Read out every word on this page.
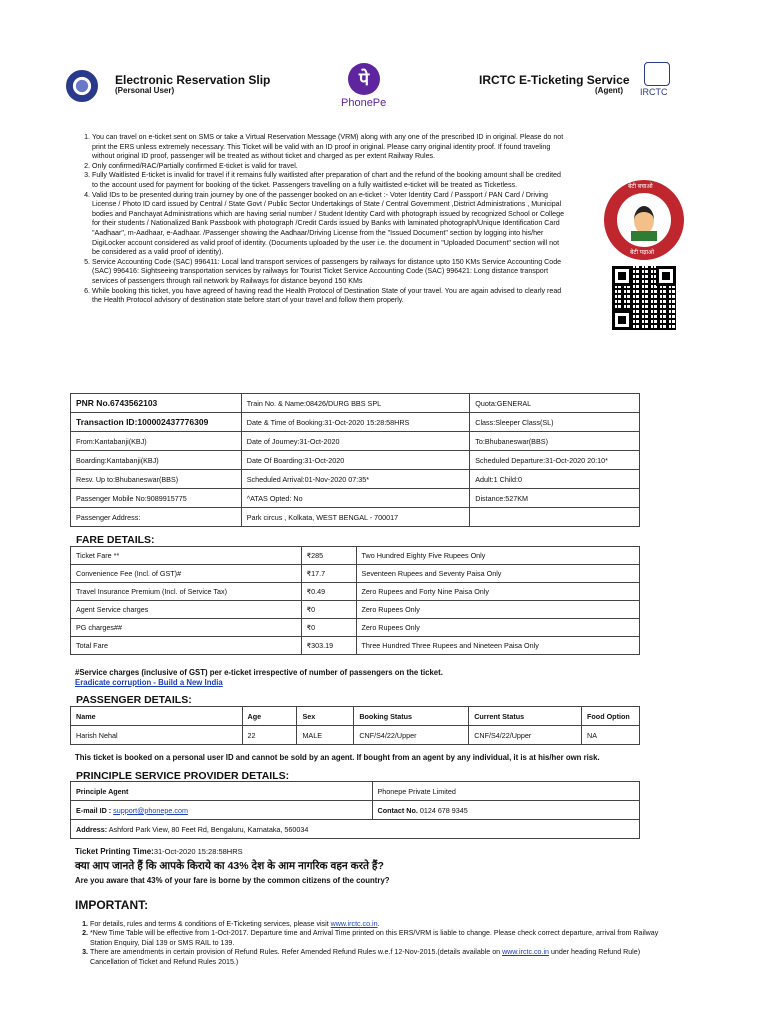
Electronic Reservation Slip
(Personal User)
पे
PhonePe
IRCTC E-Ticketing Service
(Agent) IRCTC
1. You can travel on e-ticket sent on SMS or take a Virtual Reservation Message (VRM) along with any one of the prescribed ID in original. Please do not print the ERS unless extremely necessary. This Ticket will be valid with an ID proof in original. Please carry original identity proof. If found traveling without original ID proof, passenger will be treated as without ticket and charged as per extent Railway Rules.
2. Only confirmed/RAC/Partially confirmed E-ticket is valid for travel.
3. Fully Waitlisted E-ticket is invalid for travel if it remains fully waitlisted after preparation of chart and the refund of the booking amount shall be credited to the account used for payment for booking of the ticket. Passengers travelling on a fully waitlisted e-ticket will be treated as Ticketless.
4. Valid IDs to be presented during train journey by one of the passenger booked on an e-ticket :- Voter Identity Card / Passport / PAN Card / Driving License / Photo ID card issued by Central / State Govt / Public Sector Undertakings of State / Central Government ,District Administrations , Municipal bodies and Panchayat Administrations which are having serial number / Student Identity Card with photograph issued by recognized School or College for their students / Nationalized Bank Passbook with photograph /Credit Cards issued by Banks with laminated photograph/Unique Identification Card "Aadhaar", m-Aadhaar, e-Aadhaar. /Passenger showing the Aadhaar/Driving License from the "Issued Document" section by logging into his/her DigiLocker account considered as valid proof of identity. (Documents uploaded by the user i.e. the document in "Uploaded Document" section will not be considered as a valid proof of identity).
5. Service Accounting Code (SAC) 996411: Local land transport services of passengers by railways for distance upto 150 KMs Service Accounting Code (SAC) 996416: Sightseeing transportation services by railways for Tourist Ticket Service Accounting Code (SAC) 996421: Long distance transport services of passengers through rail network by Railways for distance beyond 150 KMs
6. While booking this ticket, you have agreed of having read the Health Protocol of Destination State of your travel. You are again advised to clearly read the Health Protocol advisory of destination state before start of your travel and follow them properly.
बेटी बचाओ
बेटी पढ़ाओ
PNR No.6743562103	Train No. & Name:08426/DURG BBS SPL	Quota:GENERAL
Transaction ID:100002437776309	Date & Time of Booking:31-Oct-2020 15:28:58HRS	Class:Sleeper Class(SL)
From:Kantabanji(KBJ)	Date of Journey:31-Oct-2020	To:Bhubaneswar(BBS)
Boarding:Kantabanji(KBJ)	Date Of Boarding:31-Oct-2020	Scheduled Departure:31-Oct-2020 20:10*
Resv. Up to:Bhubaneswar(BBS)	Scheduled Arrival:01-Nov-2020 07:35*	Adult:1 Child:0
Passenger Mobile No:9089915775	^ATAS Opted: No	Distance:527KM
Passenger Address:	Park circus , Kolkata, WEST BENGAL - 700017	
FARE DETAILS:
Ticket Fare **	₹285	Two Hundred Eighty Five Rupees Only
Convenience Fee (Incl. of GST)#	₹17.7	Seventeen Rupees and Seventy Paisa Only
Travel Insurance Premium (Incl. of Service Tax)	₹0.49	Zero Rupees and Forty Nine Paisa Only
Agent Service charges	₹0	Zero Rupees Only
PG charges##	₹0	Zero Rupees Only
Total Fare	₹303.19	Three Hundred Three Rupees and Nineteen Paisa Only
#Service charges (inclusive of GST) per e-ticket irrespective of number of passengers on the ticket.
Eradicate corruption - Build a New India
PASSENGER DETAILS:
Name	Age	Sex	Booking Status	Current Status	Food Option
Harish Nehal	22	MALE	CNF/S4/22/Upper	CNF/S4/22/Upper	NA
This ticket is booked on a personal user ID and cannot be sold by an agent. If bought from an agent by any individual, it is at his/her own risk.
PRINCIPLE SERVICE PROVIDER DETAILS:
Principle Agent	Phonepe Private Limited
E-mail ID : support@phonepe.com	Contact No. 0124 678 9345
Address: Ashford Park View, 80 Feet Rd, Bengaluru, Karnataka, 560034	
Ticket Printing Time:31-Oct-2020 15:28:58HRS
क्या आप जानते हैं कि आपके किराये का 43% देश के आम नागरिक वहन करते हैं?
Are you aware that 43% of your fare is borne by the common citizens of the country?
IMPORTANT:
1. For details, rules and terms & conditions of E-Ticketing services, please visit www.irctc.co.in.
2. *New Time Table will be effective from 1-Oct-2017. Departure time and Arrival Time printed on this ERS/VRM is liable to change. Please check correct departure, arrival from Railway Station Enquiry, Dial 139 or SMS RAIL to 139.
3. There are amendments in certain provision of Refund Rules. Refer Amended Refund Rules w.e.f 12-Nov-2015.(details available on www.irctc.co.in under heading Refund Rule) Cancellation of Ticket and Refund Rules 2015.)
